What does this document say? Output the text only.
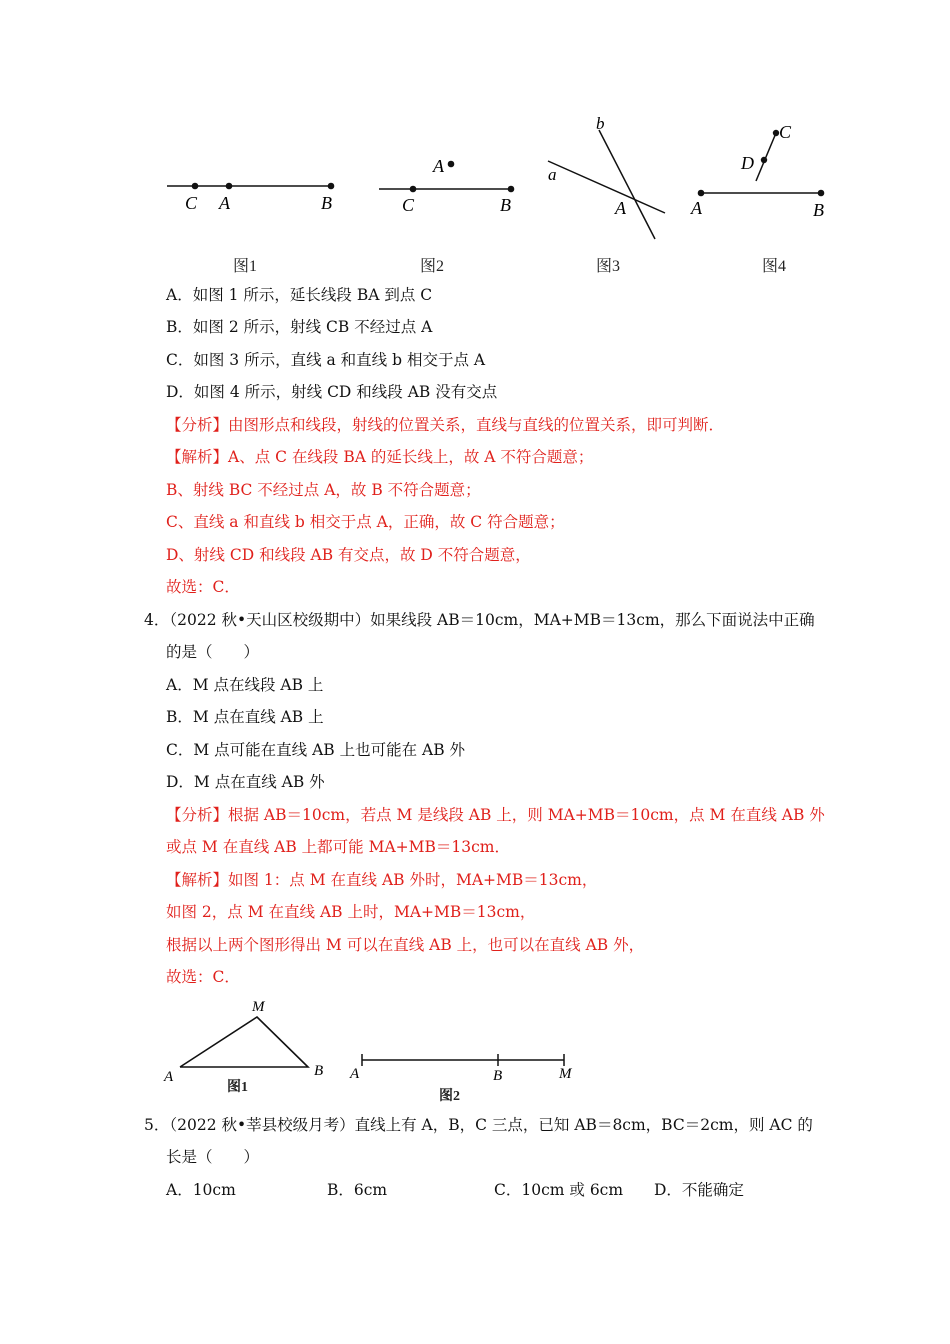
C A	B
图1
A
C	B
图2
b
a
A
图3
C
D
A	B
图4
A．如图 1 所示，延长线段 BA 到点 C
B．如图 2 所示，射线 CB 不经过点 A
C．如图 3 所示，直线 a 和直线 b 相交于点 A
D．如图 4 所示，射线 CD 和线段 AB 没有交点
【分析】由图形点和线段，射线的位置关系，直线与直线的位置关系，即可判断．
【解析】A、点 C 在线段 BA 的延长线上，故 A 不符合题意；
B、射线 BC 不经过点 A，故 B 不符合题意；
C、直线 a 和直线 b 相交于点 A，正确，故 C 符合题意；
D、射线 CD 和线段 AB 有交点，故 D 不符合题意，
故选：C．
4．（2022 秋•天山区校级期中）如果线段 AB＝10cm，MA+MB＝13cm，那么下面说法中正确
的是（　　）
A．M 点在线段 AB 上
B．M 点在直线 AB 上
C．M 点可能在直线 AB 上也可能在 AB 外
D．M 点在直线 AB 外
【分析】根据 AB＝10cm，若点 M 是线段 AB 上，则 MA+MB＝10cm，点 M 在直线 AB 外
或点 M 在直线 AB 上都可能 MA+MB＝13cm．
【解析】如图 1：点 M 在直线 AB 外时，MA+MB＝13cm，
如图 2，点 M 在直线 AB 上时，MA+MB＝13cm，
根据以上两个图形得出 M 可以在直线 AB 上，也可以在直线 AB 外，
故选：C．
M
A	B
图1
A	B	M
图2
5．（2022 秋•莘县校级月考）直线上有 A，B，C 三点，已知 AB＝8cm，BC＝2cm，则 AC 的
长是（　　）
A．10cm	B．6cm	C．10cm 或 6cm D．不能确定
